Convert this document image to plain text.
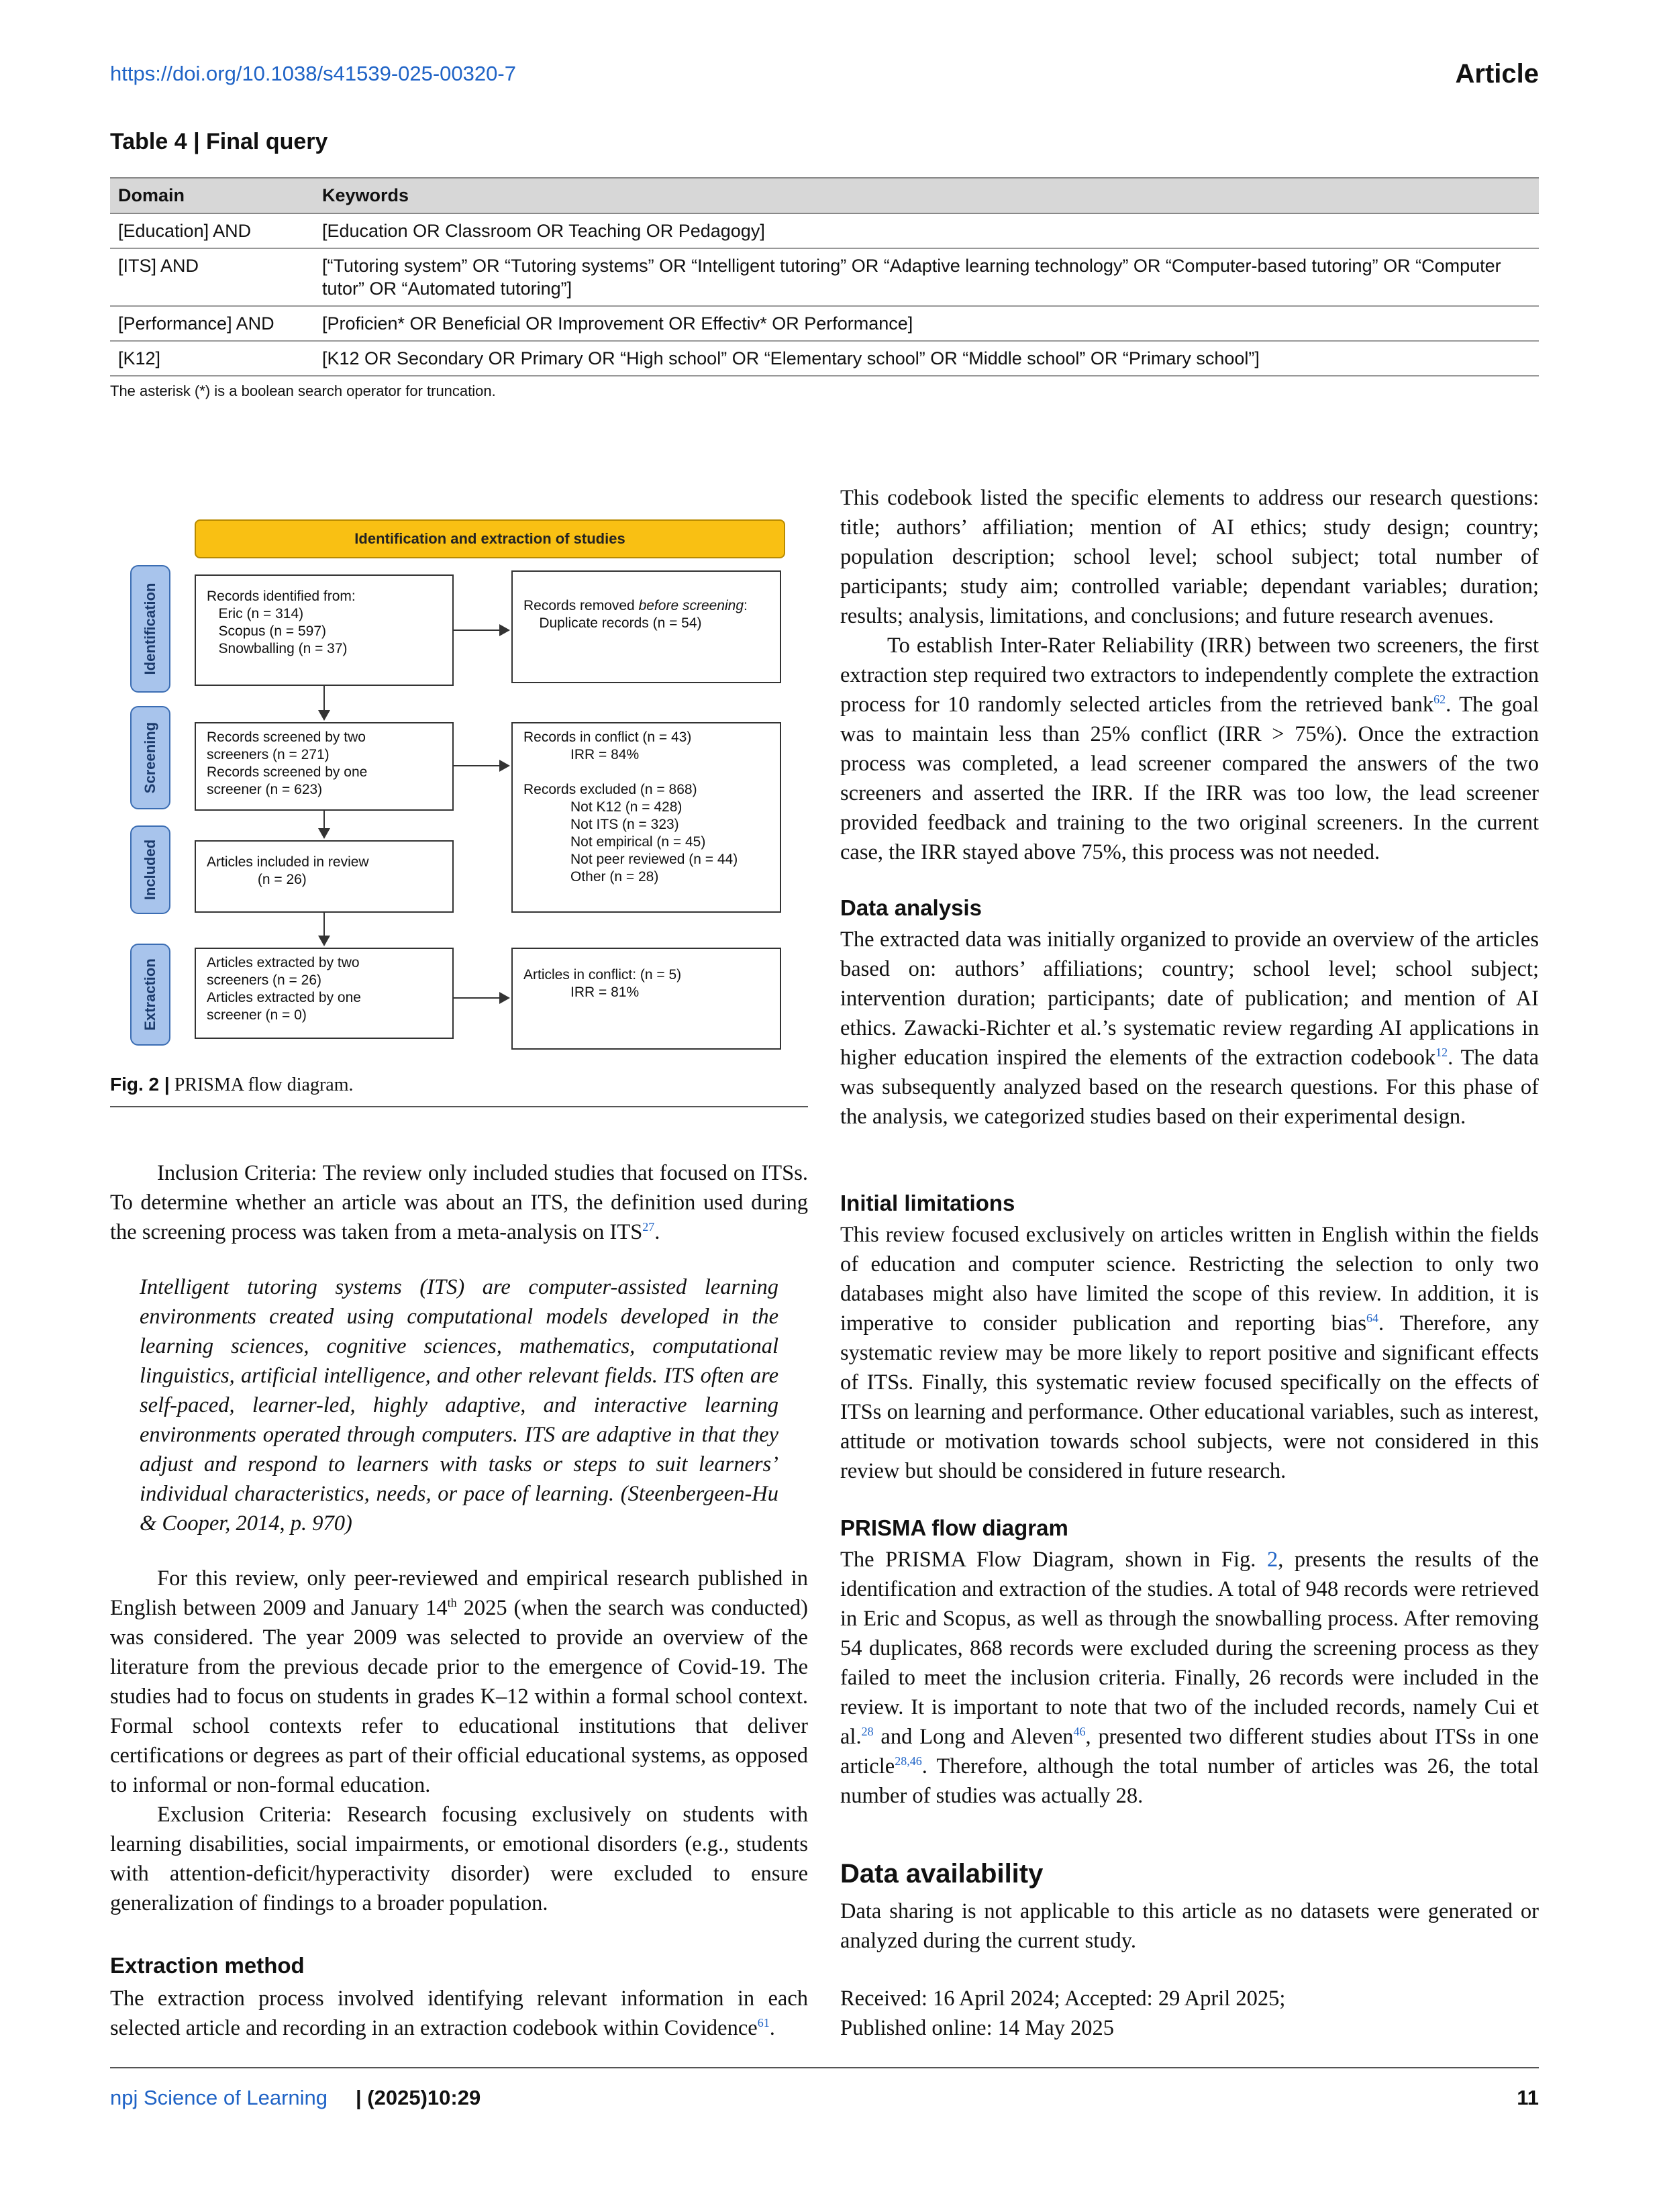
https://doi.org/10.1038/s41539-025-00320-7	Article
Table 4 | Final query
Domain	Keywords
[Education] AND	[Education OR Classroom OR Teaching OR Pedagogy]
[ITS] AND	[“Tutoring system” OR “Tutoring systems” OR “Intelligent tutoring” OR “Adaptive learning technology” OR “Computer-based tutoring” OR “Computer tutor” OR “Automated tutoring”]
[Performance] AND	[Proficien* OR Beneficial OR Improvement OR Effectiv* OR Performance]
[K12]	[K12 OR Secondary OR Primary OR “High school” OR “Elementary school” OR “Middle school” OR “Primary school”]
The asterisk (*) is a boolean search operator for truncation.
Identification and extraction of studies
Identification
Screening
Included
Extraction
Records identified from:
Eric (n = 314)
Scopus (n = 597)
Snowballing (n = 37)
Records removed before screening:
Duplicate records (n = 54)
Records screened by two
screeners (n = 271)
Records screened by one
screener (n = 623)
Records in conflict (n = 43)
IRR = 84%

Records excluded (n = 868)
Not K12 (n = 428)
Not ITS (n = 323)
Not empirical (n = 45)
Not peer reviewed (n = 44)
Other (n = 28)
Articles included in review
(n = 26)
Articles extracted by two
screeners (n = 26)
Articles extracted by one
screener (n = 0)
Articles in conflict: (n = 5)
IRR = 81%
Fig. 2 | PRISMA flow diagram.

Inclusion Criteria: The review only included studies that focused on ITSs. To determine whether an article was about an ITS, the definition used during the screening process was taken from a meta-analysis on ITS$^{27}$.

Intelligent tutoring systems (ITS) are computer-assisted learning environments created using computational models developed in the learning sciences, cognitive sciences, mathematics, computational linguistics, artificial intelligence, and other relevant fields. ITS often are self-paced, learner-led, highly adaptive, and interactive learning environments operated through computers. ITS are adaptive in that they adjust and respond to learners with tasks or steps to suit learners’ individual characteristics, needs, or pace of learning. (Steenbergeen-Hu & Cooper, 2014, p. 970)

For this review, only peer-reviewed and empirical research published in English between 2009 and January 14th 2025 (when the search was conducted) was considered. The year 2009 was selected to provide an overview of the literature from the previous decade prior to the emergence of Covid-19. The studies had to focus on students in grades K–12 within a formal school context. Formal school contexts refer to educational institutions that deliver certifications or degrees as part of their official educational systems, as opposed to informal or non-formal education.

Exclusion Criteria: Research focusing exclusively on students with learning disabilities, social impairments, or emotional disorders (e.g., students with attention-deficit/hyperactivity disorder) were excluded to ensure generalization of findings to a broader population.

Extraction method

The extraction process involved identifying relevant information in each selected article and recording in an extraction codebook within Covidence$^{61}$.

This codebook listed the specific elements to address our research questions: title; authors’ affiliation; mention of AI ethics; study design; country; population description; school level; school subject; total number of participants; study aim; controlled variable; dependant variables; duration; results; analysis, limitations, and conclusions; and future research avenues.

To establish Inter-Rater Reliability (IRR) between two screeners, the first extraction step required two extractors to independently complete the extraction process for 10 randomly selected articles from the retrieved bank$^{62}$. The goal was to maintain less than 25% conflict (IRR > 75%). Once the extraction process was completed, a lead screener compared the answers of the two screeners and asserted the IRR. If the IRR was too low, the lead screener provided feedback and training to the two original screeners. In the current case, the IRR stayed above 75%, this process was not needed.

Data analysis

The extracted data was initially organized to provide an overview of the articles based on: authors’ affiliations; country; school level; school subject; intervention duration; participants; date of publication; and mention of AI ethics. Zawacki-Richter et al.’s systematic review regarding AI applications in higher education inspired the elements of the extraction codebook$^{12}$. The data was subsequently analyzed based on the research questions. For this phase of the analysis, we categorized studies based on their experimental design.

Initial limitations

This review focused exclusively on articles written in English within the fields of education and computer science. Restricting the selection to only two databases might also have limited the scope of this review. In addition, it is imperative to consider publication and reporting bias$^{64}$. Therefore, any systematic review may be more likely to report positive and significant effects of ITSs. Finally, this systematic review focused specifically on the effects of ITSs on learning and performance. Other educational variables, such as interest, attitude or motivation towards school subjects, were not considered in this review but should be considered in future research.

PRISMA flow diagram

The PRISMA Flow Diagram, shown in Fig. 2, presents the results of the identification and extraction of the studies. A total of 948 records were retrieved in Eric and Scopus, as well as through the snowballing process. After removing 54 duplicates, 868 records were excluded during the screening process as they failed to meet the inclusion criteria. Finally, 26 records were included in the review. It is important to note that two of the included records, namely Cui et al.$^{28}$ and Long and Aleven$^{46}$, presented two different studies about ITSs in one article$^{28,46}$. Therefore, although the total number of articles was 26, the total number of studies was actually 28.

Data availability

Data sharing is not applicable to this article as no datasets were generated or analyzed during the current study.

Received: 16 April 2024; Accepted: 29 April 2025;

Published online: 14 May 2025

npj Science of Learning | (2025)10:29	11
